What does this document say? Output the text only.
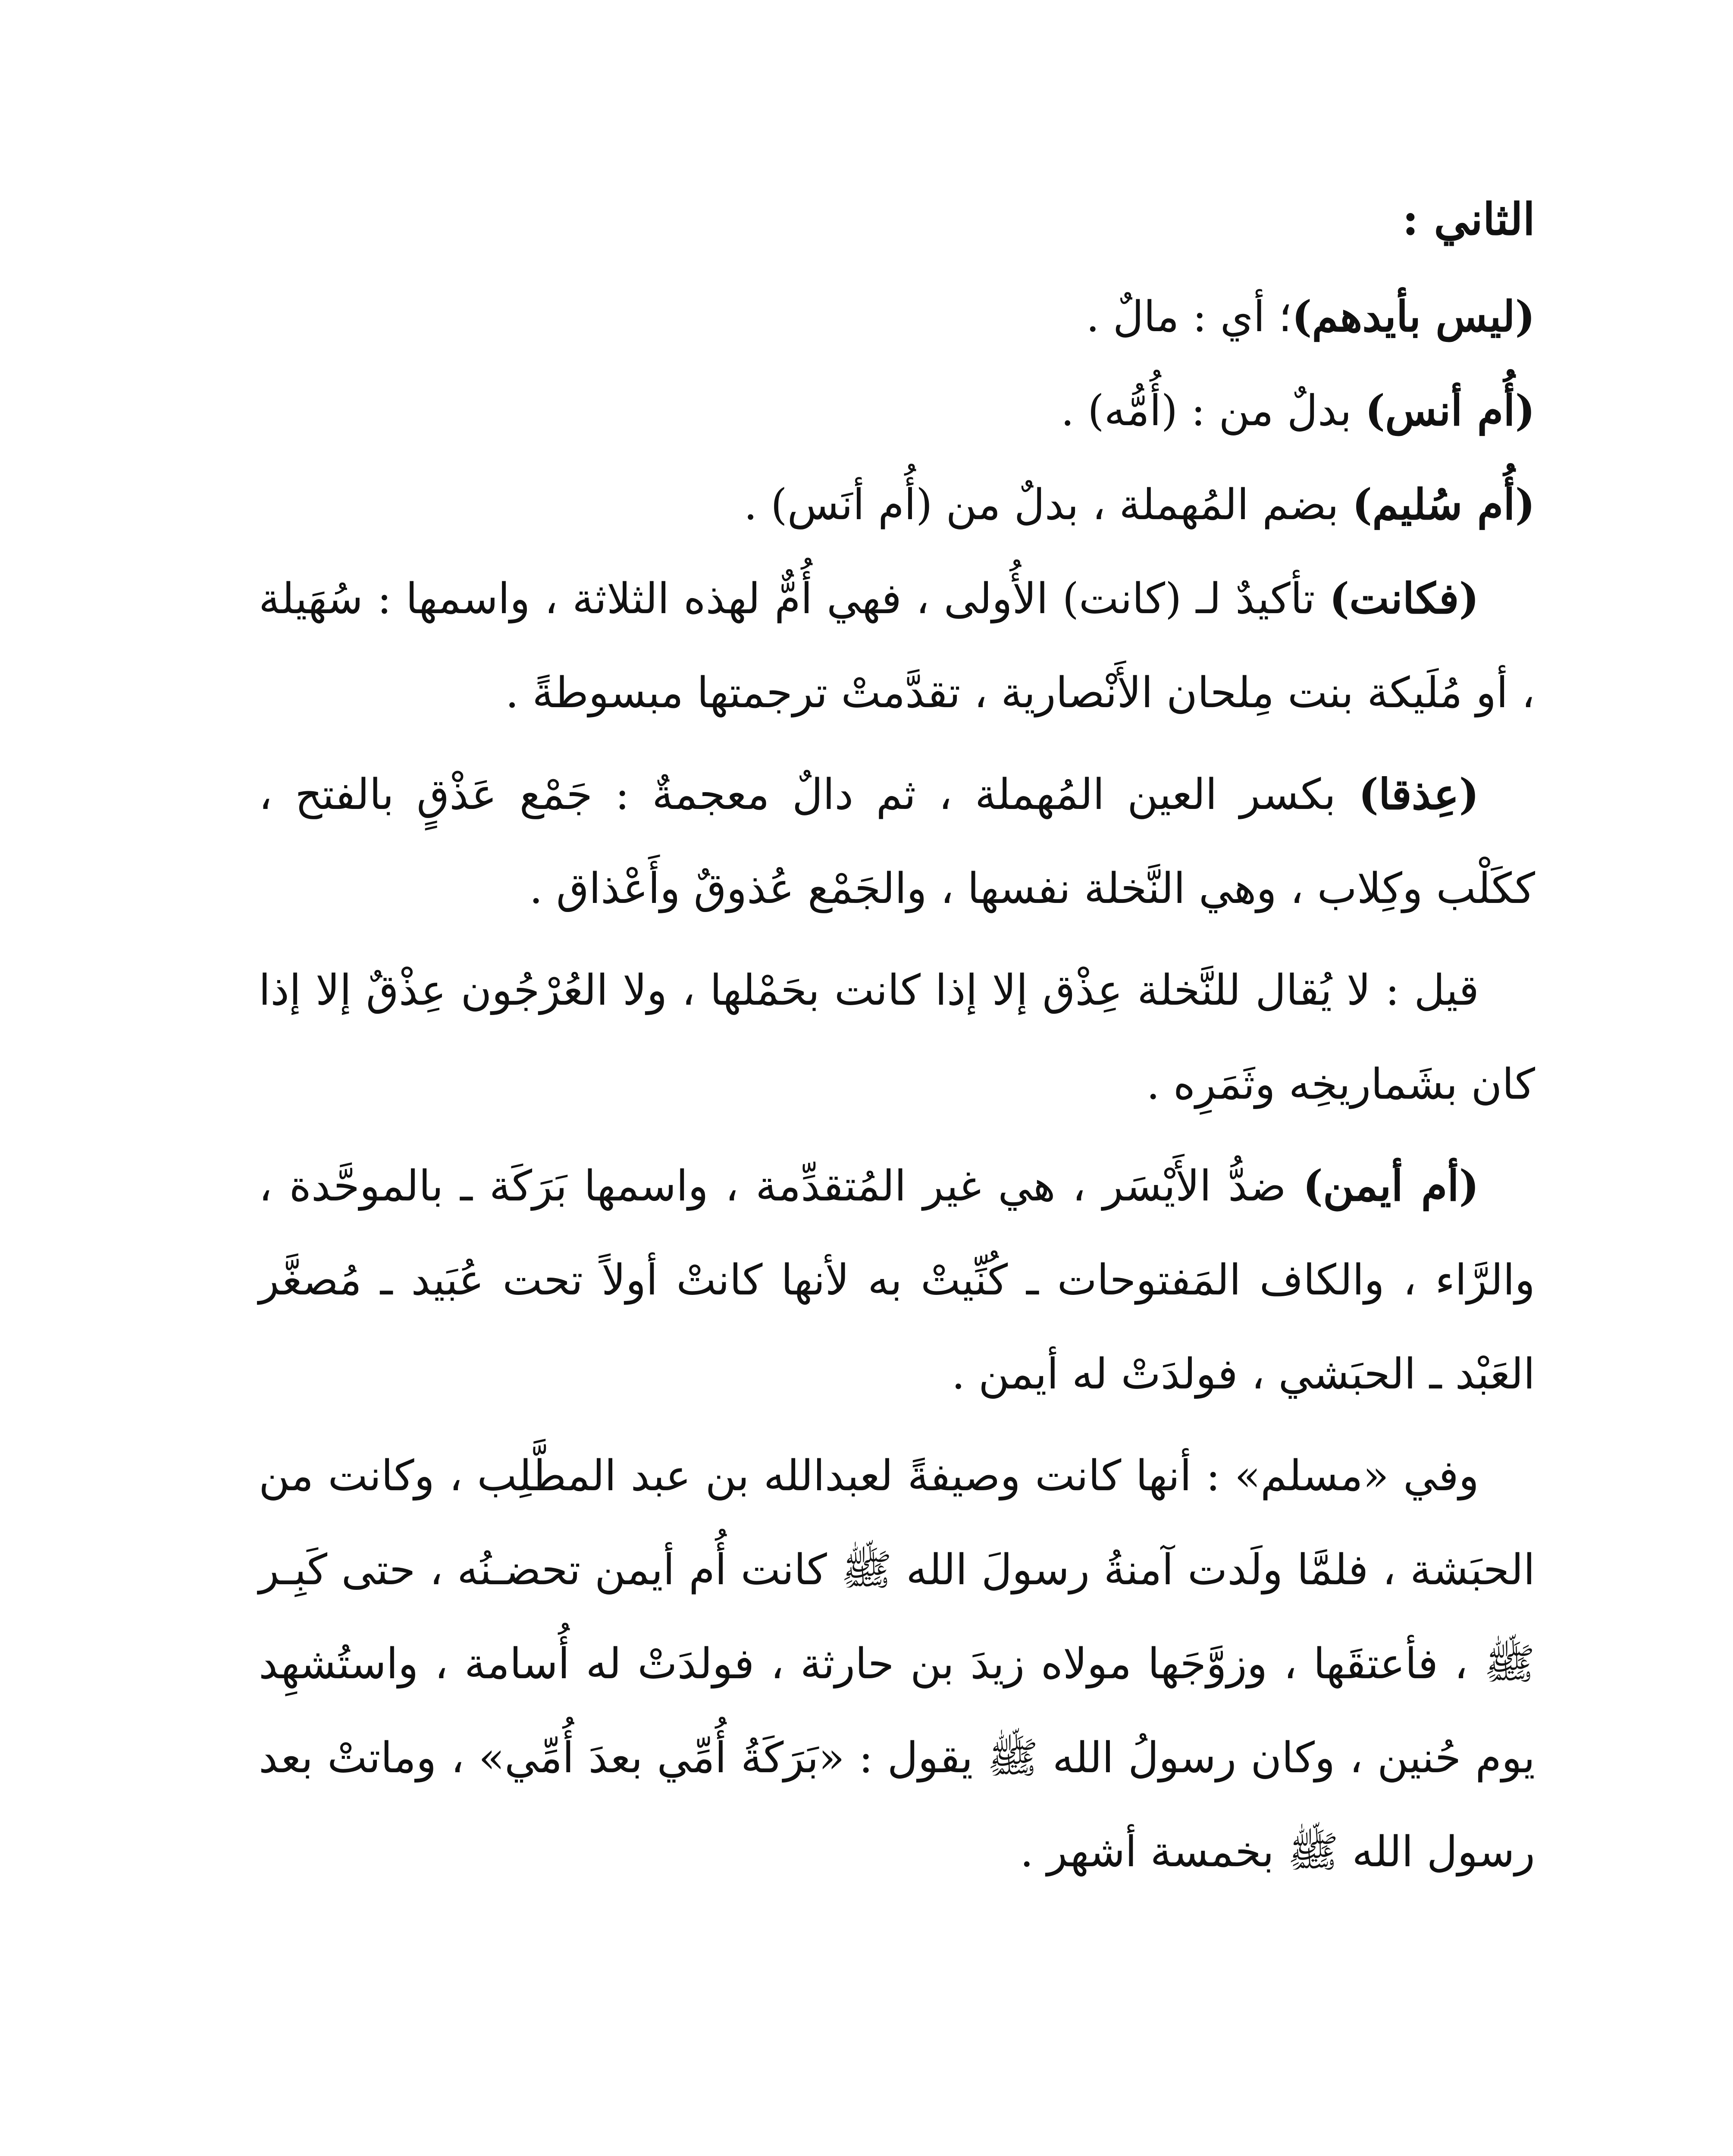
الثاني :

(ليس بأيدهم)؛ أي : مالٌ .

(أُم أنس) بدلٌ من : (أُمُّه) .

(أُم سُليم) بضم المُهملة ، بدلٌ من (أُم أنَس) .

(فكانت) تأكيدٌ لـ (كانت) الأُولى ، فهي أُمٌّ لهذه الثلاثة ، واسمها : سُهَيلة ، أو مُلَيكة بنت مِلحان الأَنْصارية ، تقدَّمتْ ترجمتها مبسوطةً .

(عِذقا) بكسر العين المُهملة ، ثم دالٌ معجمةٌ : جَمْع عَذْقٍ بالفتح ، ككَلْب وكِلاب ، وهي النَّخلة نفسها ، والجَمْع عُذوقٌ وأَعْذاق .

قيل : لا يُقال للنَّخلة عِذْق إلا إذا كانت بحَمْلها ، ولا العُرْجُون عِذْقٌ إلا إذا كان بشَماريخِه وثَمَرِه .

(أم أيمن) ضدُّ الأَيْسَر ، هي غير المُتقدِّمة ، واسمها بَرَكَة ـ بالموحَّدة ، والرَّاء ، والكاف المَفتوحات ـ كُنِّيتْ به لأنها كانتْ أولاً تحت عُبَيد ـ مُصغَّر العَبْد ـ الحبَشي ، فولدَتْ له أيمن .

وفي «مسلم» : أنها كانت وصيفةً لعبدالله بن عبد المطَّلِب ، وكانت من الحبَشة ، فلمَّا ولَدت آمنةُ رسولَ الله ﷺ كانت أُم أيمن تحضـنُه ، حتى كَبِـر ﷺ ، فأعتقَها ، وزوَّجَها مولاه زيدَ بن حارثة ، فولدَتْ له أُسامة ، واستُشهِد يوم حُنين ، وكان رسولُ الله ﷺ يقول : «بَرَكَةُ أُمِّي بعدَ أُمِّي» ، وماتتْ بعد رسول الله ﷺ بخمسة أشهر .
